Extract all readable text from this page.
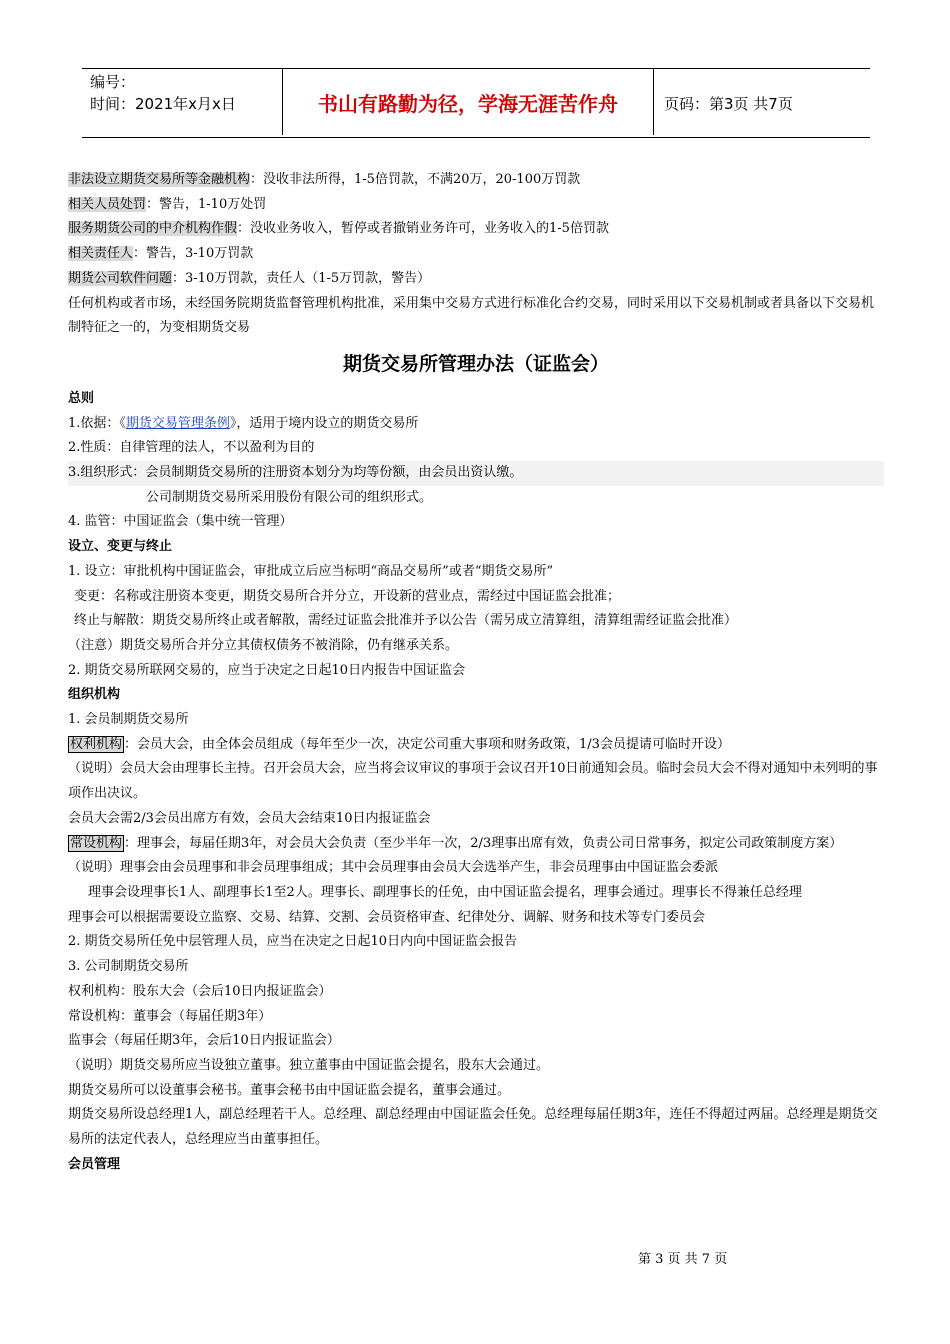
编号：
时间：2021年x月x日	书山有路勤为径，学海无涯苦作舟	页码：第3页 共7页
非法设立期货交易所等金融机构：没收非法所得，1-5倍罚款，不满20万，20-100万罚款
相关人员处罚：警告，1-10万处罚
服务期货公司的中介机构作假：没收业务收入，暂停或者撤销业务许可，业务收入的1-5倍罚款
相关责任人：警告，3-10万罚款
期货公司软件问题：3-10万罚款，责任人（1-5万罚款，警告）
任何机构或者市场，未经国务院期货监督管理机构批准，采用集中交易方式进行标准化合约交易，同时采用以下交易机制或者具备以下交易机制特征之一的，为变相期货交易
期货交易所管理办法（证监会）
总则
1.依据：《期货交易管理条例》，适用于境内设立的期货交易所
2.性质：自律管理的法人，不以盈利为目的
3.组织形式：会员制期货交易所的注册资本划分为均等份额，由会员出资认缴。
公司制期货交易所采用股份有限公司的组织形式。
4. 监管：中国证监会（集中统一管理）
设立、变更与终止
1. 设立：审批机构中国证监会，审批成立后应当标明“商品交易所”或者“期货交易所”
变更：名称或注册资本变更，期货交易所合并分立，开设新的营业点，需经过中国证监会批准；
终止与解散：期货交易所终止或者解散，需经过证监会批准并予以公告（需另成立清算组，清算组需经证监会批准）
（注意）期货交易所合并分立其债权债务不被消除，仍有继承关系。
2. 期货交易所联网交易的，应当于决定之日起10日内报告中国证监会
组织机构
1. 会员制期货交易所
权利机构 ：会员大会，由全体会员组成（每年至少一次，决定公司重大事项和财务政策，1/3会员提请可临时开设）
（说明）会员大会由理事长主持。召开会员大会，应当将会议审议的事项于会议召开10日前通知会员。临时会员大会不得对通知中未列明的事项作出决议。
会员大会需2/3会员出席方有效，会员大会结束10日内报证监会
常设机构 ：理事会，每届任期3年，对会员大会负责（至少半年一次，2/3理事出席有效，负责公司日常事务，拟定公司政策制度方案）
（说明）理事会由会员理事和非会员理事组成；其中会员理事由会员大会选举产生，非会员理事由中国证监会委派
理事会设理事长1人、副理事长1至2人。理事长、副理事长的任免，由中国证监会提名，理事会通过。理事长不得兼任总经理
理事会可以根据需要设立监察、交易、结算、交割、会员资格审查、纪律处分、调解、财务和技术等专门委员会
2. 期货交易所任免中层管理人员，应当在决定之日起10日内向中国证监会报告
3. 公司制期货交易所
权利机构：股东大会（会后10日内报证监会）
常设机构：董事会（每届任期3年）
监事会（每届任期3年，会后10日内报证监会）
（说明）期货交易所应当设独立董事。独立董事由中国证监会提名，股东大会通过。
期货交易所可以设董事会秘书。董事会秘书由中国证监会提名，董事会通过。
期货交易所设总经理1人，副总经理若干人。总经理、副总经理由中国证监会任免。总经理每届任期3年，连任不得超过两届。总经理是期货交易所的法定代表人，总经理应当由董事担任。
会员管理
第 3 页 共 7 页
